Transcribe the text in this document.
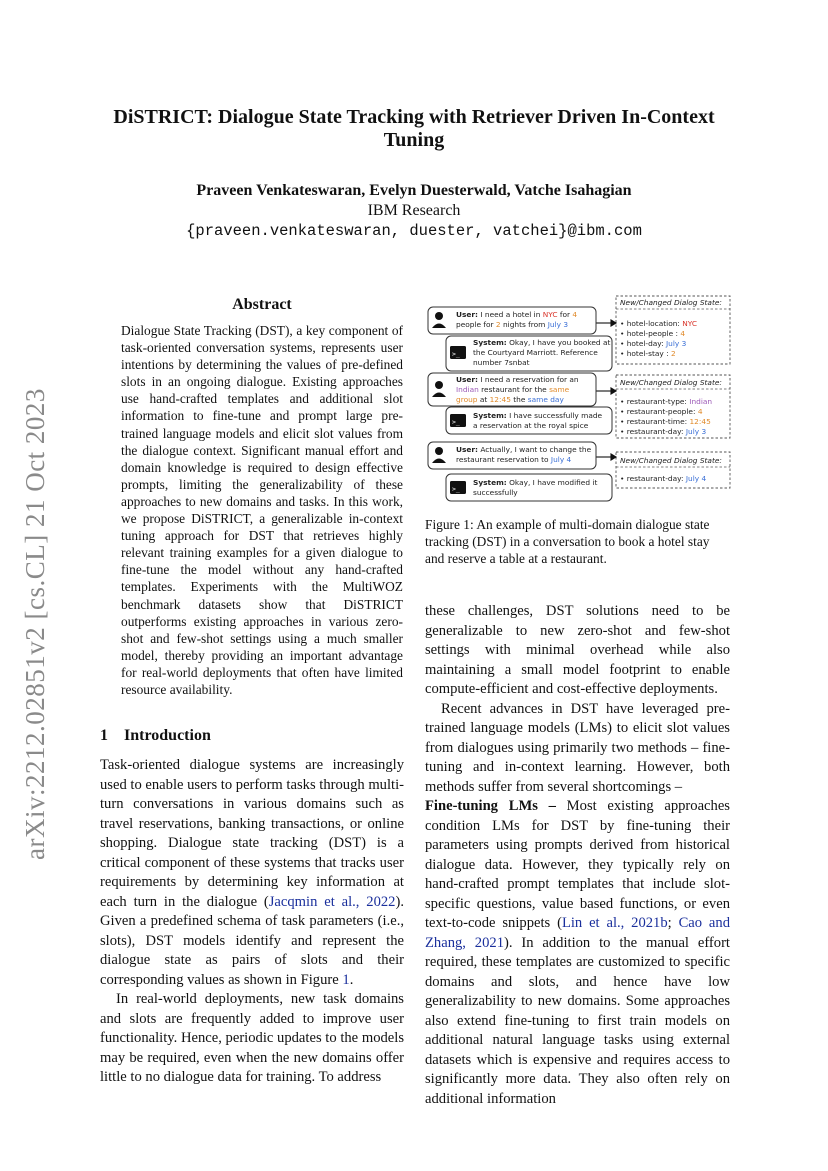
arXiv:2212.02851v2 [cs.CL] 21 Oct 2023
DiSTRICT: Dialogue State Tracking with Retriever Driven In-Context Tuning
Praveen Venkateswaran, Evelyn Duesterwald, Vatche Isahagian
IBM Research
{praveen.venkateswaran, duester, vatchei}@ibm.com
Abstract
Dialogue State Tracking (DST), a key component of task-oriented conversation systems, represents user intentions by determining the values of pre-defined slots in an ongoing dialogue. Existing approaches use hand-crafted templates and additional slot information to fine-tune and prompt large pre-trained language models and elicit slot values from the dialogue context. Significant manual effort and domain knowledge is required to design effective prompts, limiting the generalizability of these approaches to new domains and tasks. In this work, we propose DiSTRICT, a generalizable in-context tuning approach for DST that retrieves highly relevant training examples for a given dialogue to fine-tune the model without any hand-crafted templates. Experiments with the MultiWOZ benchmark datasets show that DiSTRICT outperforms existing approaches in various zero-shot and few-shot settings using a much smaller model, thereby providing an important advantage for real-world deployments that often have limited resource availability.
1 Introduction

Task-oriented dialogue systems are increasingly used to enable users to perform tasks through multi-turn conversations in various domains such as travel reservations, banking transactions, or online shopping. Dialogue state tracking (DST) is a critical component of these systems that tracks user requirements by determining key information at each turn in the dialogue (Jacqmin et al., 2022). Given a predefined schema of task parameters (i.e., slots), DST models identify and represent the dialogue state as pairs of slots and their corresponding values as shown in Figure 1.

In real-world deployments, new task domains and slots are frequently added to improve user functionality. Hence, periodic updates to the models may be required, even when the new domains offer little to no dialogue data for training. To address

New/Changed Dialog State:
New/Changed Dialog State:
New/Changed Dialog State:
User: I need a hotel in NYC for 4
people for 2 nights from July 3
>_
System: Okay, I have you booked at
the Courtyard Marriott. Reference
number 7snbat
• hotel-location: NYC
• hotel-people : 4
• hotel-day: July 3
• hotel-stay : 2
User: I need a reservation for an
Indian restaurant for the same
group at 12:45 the same day
>_
System: I have successfully made
a reservation at the royal spice
• restaurant-type: Indian
• restaurant-people: 4
• restaurant-time: 12:45
• restaurant-day: July 3
User: Actually, I want to change the
restaurant reservation to July 4
>_
System: Okay, I have modified it
successfully
• restaurant-day: July 4
Figure 1: An example of multi-domain dialogue state tracking (DST) in a conversation to book a hotel stay and reserve a table at a restaurant.

these challenges, DST solutions need to be generalizable to new zero-shot and few-shot settings with minimal overhead while also maintaining a small model footprint to enable compute-efficient and cost-effective deployments.

Recent advances in DST have leveraged pre-trained language models (LMs) to elicit slot values from dialogues using primarily two methods – fine-tuning and in-context learning. However, both methods suffer from several shortcomings –

Fine-tuning LMs – Most existing approaches condition LMs for DST by fine-tuning their parameters using prompts derived from historical dialogue data. However, they typically rely on hand-crafted prompt templates that include slot-specific questions, value based functions, or even text-to-code snippets (Lin et al., 2021b; Cao and Zhang, 2021). In addition to the manual effort required, these templates are customized to specific domains and slots, and hence have low generalizability to new domains. Some approaches also extend fine-tuning to first train models on additional natural language tasks using external datasets which is expensive and requires access to significantly more data. They also often rely on additional information
